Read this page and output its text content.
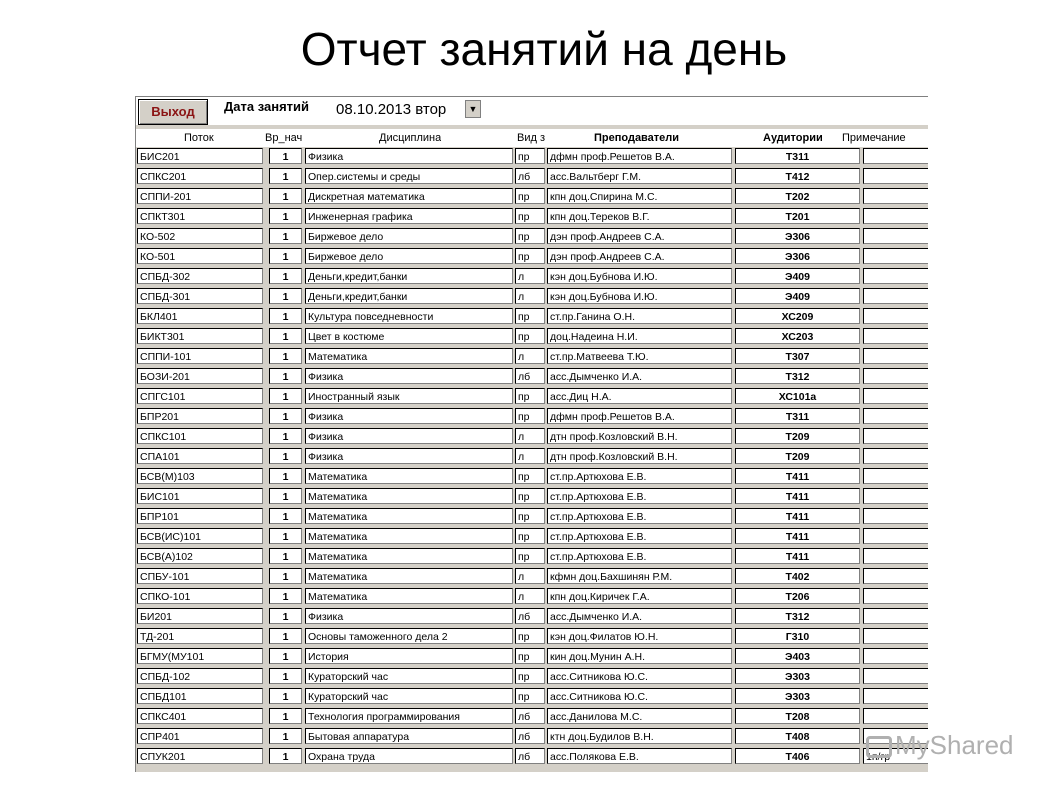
Отчет занятий на день
Выход	Дата занятий 08.10.2013 втор	▼
Поток	Вр_нач	Дисциплина	Вид з	Преподаватели	Аудитории Примечание
БИС201	1	Физика	пр	дфмн проф.Решетов В.А.	Т311
СПКС201	1	Опер.системы и среды	лб	асс.Вальтберг Г.М.	Т412
СППИ-201	1	Дискретная математика	пр	кпн доц.Спирина М.С.	Т202
СПКТ301	1	Инженерная графика	пр	кпн доц.Тереков В.Г.	Т201
КО-502	1	Биржевое дело	пр	дэн проф.Андреев С.А.	Э306
КО-501	1	Биржевое дело	пр	дэн проф.Андреев С.А.	Э306
СПБД-302	1	Деньги,кредит,банки	л	кэн доц.Бубнова И.Ю.	Э409
СПБД-301	1	Деньги,кредит,банки	л	кэн доц.Бубнова И.Ю.	Э409
БКЛ401	1	Культура повседневности	пр	ст.пр.Ганина О.Н.	ХС209
БИКТ301	1	Цвет в костюме	пр	доц.Надеина Н.И.	ХС203
СППИ-101	1	Математика	л	ст.пр.Матвеева Т.Ю.	Т307
БОЗИ-201	1	Физика	лб	асс.Дымченко И.А.	Т312
СПГС101	1	Иностранный язык	пр	асс.Диц Н.А.	ХС101а
БПР201	1	Физика	пр	дфмн проф.Решетов В.А.	Т311
СПКС101	1	Физика	л	дтн проф.Козловский В.Н.	Т209
СПА101	1	Физика	л	дтн проф.Козловский В.Н.	Т209
БСВ(М)103	1	Математика	пр	ст.пр.Артюхова Е.В.	Т411
БИС101	1	Математика	пр	ст.пр.Артюхова Е.В.	Т411
БПР101	1	Математика	пр	ст.пр.Артюхова Е.В.	Т411
БСВ(ИС)101	1	Математика	пр	ст.пр.Артюхова Е.В.	Т411
БСВ(А)102	1	Математика	пр	ст.пр.Артюхова Е.В.	Т411
СПБУ-101	1	Математика	л	кфмн доц.Бахшинян Р.М.	Т402
СПКО-101	1	Математика	л	кпн доц.Киричек Г.А.	Т206
БИ201	1	Физика	лб	асс.Дымченко И.А.	Т312
ТД-201	1	Основы таможенного дела 2	пр	кэн доц.Филатов Ю.Н.	Г310
БГМУ(МУ101	1	История	пр	кин доц.Мунин А.Н.	Э403
СПБД-102	1	Кураторский час	пр	асс.Ситникова Ю.С.	Э303
СПБД101	1	Кураторский час	пр	асс.Ситникова Ю.С.	Э303
СПКС401	1	Технология программирования	лб	асс.Данилова М.С.	Т208
СПР401	1	Бытовая аппаратура	лб	ктн доц.Будилов В.Н.	Т408
СПУК201	1	Охрана труда	лб	асс.Полякова Е.В.	Т406	1п/гр MyShared
